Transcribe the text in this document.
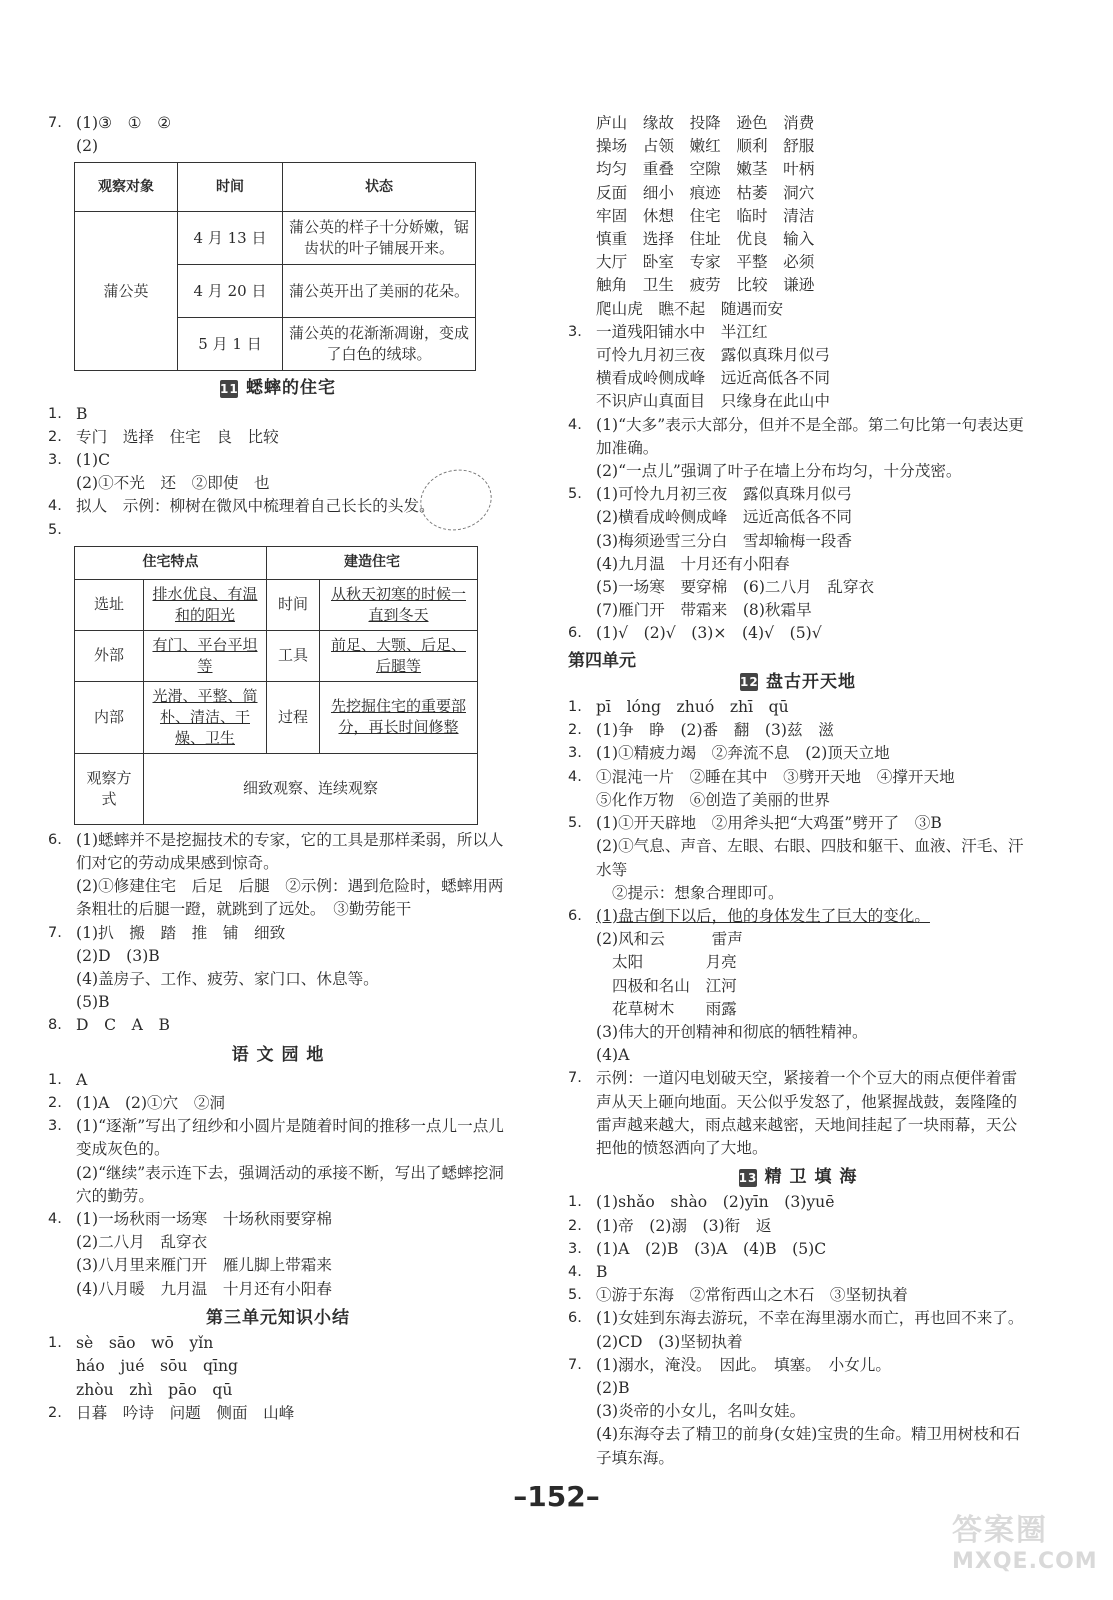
7. (1)③　①　②
(2)
观察对象	时间	状态
蒲公英	4 月 13 日	蒲公英的样子十分娇嫩，锯齿状的叶子铺展开来。
	4 月 20 日	蒲公英开出了美丽的花朵。
	5 月 1 日	蒲公英的花渐渐凋谢，变成了白色的绒球。
11 蟋蟀的住宅
1. B
2. 专门　选择　住宅　良　比较
3. (1)C
(2)①不光　还　②即使　也
4. 拟人　示例：柳树在微风中梳理着自己长长的头发。
5.
住宅特点		建造住宅	
选址	排水优良、有温和的阳光	时间	从秋天初寒的时候一直到冬天
外部	有门、平台平坦等	工具	前足、大颚、后足、后腿等
内部	光滑、平整、简朴、清洁、干燥、卫生	过程	先挖掘住宅的重要部分，再长时间修整
观察方式	细致观察、连续观察		
6. (1)蟋蟀并不是挖掘技术的专家，它的工具是那样柔弱，所以人们对它的劳动成果感到惊奇。
(2)①修建住宅　后足　后腿　②示例：遇到危险时，蟋蟀用两条粗壮的后腿一蹬，就跳到了远处。　③勤劳能干
7. (1)扒　搬　踏　推　铺　细致
(2)D　(3)B
(4)盖房子、工作、疲劳、家门口、休息等。
(5)B
8. D　C　A　B
语 文 园 地
1. A
2. (1)A　(2)①穴　②洞
3. (1)“逐渐”写出了纽纱和小圆片是随着时间的推移一点儿一点儿变成灰色的。
(2)“继续”表示连下去，强调活动的承接不断，写出了蟋蟀挖洞穴的勤劳。
4. (1)一场秋雨一场寒　十场秋雨要穿棉
(2)二八月　乱穿衣
(3)八月里来雁门开　雁儿脚上带霜来
(4)八月暖　九月温　十月还有小阳春
第三单元知识小结
1. sè　sāo　wō　yǐn
háo　jué　sōu　qīng
zhòu　zhì　pāo　qū
2. 日暮　吟诗　问题　侧面　山峰
庐山　缘故　投降　逊色　消费
操场　占领　嫩红　顺利　舒服
均匀　重叠　空隙　嫩茎　叶柄
反面　细小　痕迹　枯萎　洞穴
牢固　休想　住宅　临时　清洁
慎重　选择　住址　优良　输入
大厅　卧室　专家　平整　必须
触角　卫生　疲劳　比较　谦逊
爬山虎　瞧不起　随遇而安
3. 一道残阳铺水中　半江红
可怜九月初三夜　露似真珠月似弓
横看成岭侧成峰　远近高低各不同
不识庐山真面目　只缘身在此山中
4. (1)“大多”表示大部分，但并不是全部。第二句比第一句表达更加准确。
(2)“一点儿”强调了叶子在墙上分布均匀，十分茂密。
5. (1)可怜九月初三夜　露似真珠月似弓
(2)横看成岭侧成峰　远近高低各不同
(3)梅须逊雪三分白　雪却输梅一段香
(4)九月温　十月还有小阳春
(5)一场寒　要穿棉　(6)二八月　乱穿衣
(7)雁门开　带霜来　(8)秋霜早
6. (1)√　(2)√　(3)×　(4)√　(5)√
第四单元
12 盘古开天地
1. pī　lóng　zhuó　zhī　qū
2. (1)争　睁　(2)番　翻　(3)兹　滋
3. (1)①精疲力竭　②奔流不息　(2)顶天立地
4. ①混沌一片　②睡在其中　③劈开天地　④撑开天地
⑤化作万物　⑥创造了美丽的世界
5. (1)①开天辟地　②用斧头把“大鸡蛋”劈开了　③B
(2)①气息、声音、左眼、右眼、四肢和躯干、血液、汗毛、汗水等
②提示：想象合理即可。
6. (1)盘古倒下以后，他的身体发生了巨大的变化。
(2)风和云　　　雷声
太阳　　　　月亮
四极和名山　江河
花草树木　　雨露
(3)伟大的开创精神和彻底的牺牲精神。
(4)A
7. 示例：一道闪电划破天空，紧接着一个个豆大的雨点便伴着雷声从天上砸向地面。天公似乎发怒了，他紧握战鼓，轰隆隆的雷声越来越大，雨点越来越密，天地间挂起了一块雨幕，天公把他的愤怒洒向了大地。
13 精 卫 填 海
1. (1)shǎo　shào　(2)yīn　(3)yuē
2. (1)帝　(2)溺　(3)衔　返
3. (1)A　(2)B　(3)A　(4)B　(5)C
4. B
5. ①游于东海　②常衔西山之木石　③坚韧执着
6. (1)女娃到东海去游玩，不幸在海里溺水而亡，再也回不来了。　(2)CD　(3)坚韧执着
7. (1)溺水，淹没。　因此。　填塞。　小女儿。
(2)B
(3)炎帝的小女儿，名叫女娃。
(4)东海夺去了精卫的前身(女娃)宝贵的生命。精卫用树枝和石子填东海。
–152–
答案圈
MXQE.COM
